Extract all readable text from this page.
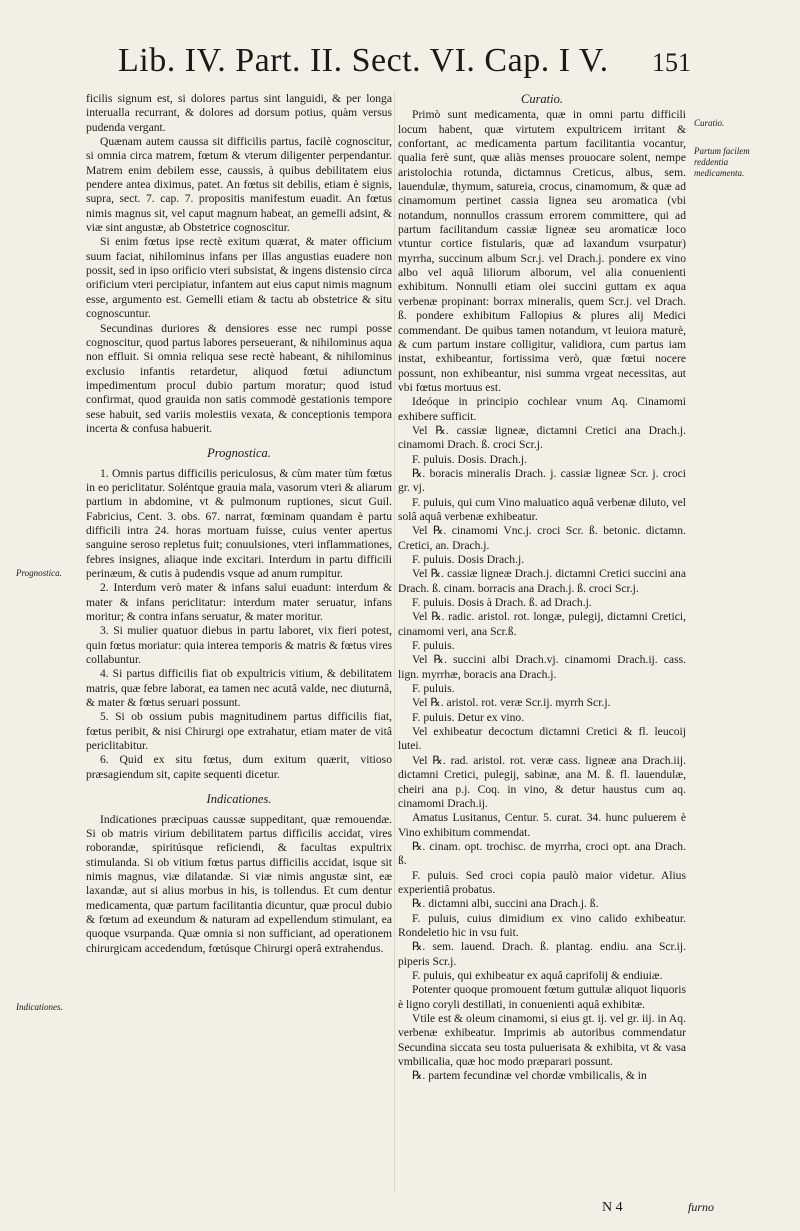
Lib. IV. Part. II. Sect. VI. Cap. I V.	151

ficilis signum est, si dolores partus sint languidi, & per longa interualla recurrant, & dolores ad dorsum potius, quàm versus pudenda vergant.

Quænam autem caussa sit difficilis partus, facilè cognoscitur, si omnia circa matrem, fœtum & vterum diligenter perpendantur. Matrem enim debilem esse, caussis, à quibus debilitatem eius pendere antea diximus, patet. An fœtus sit debilis, etiam è signis, supra, sect. 7. cap. 7. propositis manifestum euadit. An fœtus nimis magnus sit, vel caput magnum habeat, an gemelli adsint, & viæ sint angustæ, ab Obstetrice cognoscitur.

Si enim fœtus ipse rectè exitum quærat, & mater officium suum faciat, nihilominus infans per illas angustias euadere non possit, sed in ipso orificio vteri subsistat, & ingens distensio circa orificium vteri percipiatur, infantem aut eius caput nimis magnum esse, argumento est. Gemelli etiam & tactu ab obstetrice & situ cognoscuntur.

Secundinas duriores & densiores esse nec rumpi posse cognoscitur, quod partus labores perseuerant, & nihilominus aqua non effluit. Si omnia reliqua sese rectè habeant, & nihilominus exclusio infantis retardetur, aliquod fœtui adiunctum impedimentum procul dubio partum moratur; quod istud confirmat, quod grauida non satis commodè gestationis tempore sese habuit, sed variis molestiis vexata, & conceptionis tempora incerta & confusa habuerit.

Prognostica.

1. Omnis partus difficilis periculosus, & cùm mater tùm fœtus in eo periclitatur. Soléntque grauia mala, vasorum vteri & aliarum partium in abdomine, vt & pulmonum ruptiones, sicut Guil. Fabricius, Cent. 3. obs. 67. narrat, fœminam quandam è partu difficili intra 24. horas mortuam fuisse, cuius venter apertus sanguine seroso repletus fuit; conuulsiones, vteri inflammationes, febres insignes, aliaque inde excitari. Interdum in partu difficili perinæum, & cutis à pudendis vsque ad anum rumpitur.

2. Interdum verò mater & infans salui euadunt: interdum & mater & infans periclitatur: interdum mater seruatur, infans moritur; & contra infans seruatur, & mater moritur.

3. Si mulier quatuor diebus in partu laboret, vix fieri potest, quin fœtus moriatur: quia interea temporis & matris & fœtus vires collabuntur.

4. Si partus difficilis fiat ob expultricis vitium, & debilitatem matris, quæ febre laborat, ea tamen nec acutâ valde, nec diuturnâ, & mater & fœtus seruari possunt.

5. Si ob ossium pubis magnitudinem partus difficilis fiat, fœtus peribit, & nisi Chirurgi ope extrahatur, etiam mater de vitâ periclitabitur.

6. Quid ex situ fœtus, dum exitum quærit, vitioso præsagiendum sit, capite sequenti dicetur.

Indicationes.

Indicationes præcipuas caussæ suppeditant, quæ remouendæ. Si ob matris virium debilitatem partus difficilis accidat, vires roborandæ, spiritúsque reficiendi, & facultas expultrix stimulanda. Si ob vitium fœtus partus difficilis accidat, isque sit nimis magnus, viæ dilatandæ. Si viæ nimis angustæ sint, eæ laxandæ, aut si alius morbus in his, is tollendus. Et cum dentur medicamenta, quæ partum facilitantia dicuntur, quæ procul dubio & fœtum ad exeundum & naturam ad expellendum stimulant, ea quoque vsurpanda. Quæ omnia si non sufficiant, ad operationem chirurgicam accedendum, fœtúsque Chirurgi operâ extrahendus.

Curatio.

Primò sunt medicamenta, quæ in omni partu difficili locum habent, quæ virtutem expultricem irritant & confortant, ac medicamenta partum facilitantia vocantur, qualia ferè sunt, quæ aliàs menses prouocare solent, nempe aristolochia rotunda, dictamnus Creticus, albus, sem. lauendulæ, thymum, satureia, crocus, cinamomum, & quæ ad cinamomum pertinet cassia lignea seu aromatica (vbi notandum, nonnullos crassum errorem committere, qui ad partum facilitandum cassiæ ligneæ seu aromaticæ loco vtuntur cortice fistularis, quæ ad laxandum vsurpatur) myrrha, succinum album Scr.j. vel Drach.j. pondere ex vino albo vel aquâ liliorum alborum, vel alia conuenienti exhibitum. Nonnulli etiam olei succini guttam ex aqua verbenæ propinant: borrax mineralis, quem Scr.j. vel Drach. ß. pondere exhibitum Fallopius & plures alij Medici commendant. De quibus tamen notandum, vt leuiora maturè, & cum partum instare colligitur, validiora, cum partus iam instat, exhibeantur, fortissima verò, quæ fœtui nocere possunt, non exhibeantur, nisi summa vrgeat necessitas, aut vbi fœtus mortuus est.

Ideóque in principio cochlear vnum Aq. Cinamomi exhibere sufficit.

Vel ℞. cassiæ ligneæ, dictamni Cretici ana Drach.j. cinamomi Drach. ß. croci Scr.j.

F. puluis. Dosis. Drach.j.

℞. boracis mineralis Drach. j. cassiæ ligneæ Scr. j. croci gr. vj.

F. puluis, qui cum Vino maluatico aquâ verbenæ diluto, vel solâ aquâ verbenæ exhibeatur.

Vel ℞. cinamomi Vnc.j. croci Scr. ß. betonic. dictamn. Cretici, an. Drach.j.

F. puluis. Dosis Drach.j.

Vel ℞. cassiæ ligneæ Drach.j. dictamni Cretici succini ana Drach. ß. cinam. borracis ana Drach.j. ß. croci Scr.j.

F. puluis. Dosis à Drach. ß. ad Drach.j.

Vel ℞. radic. aristol. rot. longæ, pulegij, dictamni Cretici, cinamomi veri, ana Scr.ß.

F. puluis.

Vel ℞. succini albi Drach.vj. cinamomi Drach.ij. cass. lign. myrrhæ, boracis ana Drach.j.

F. puluis.

Vel ℞. aristol. rot. veræ Scr.ij. myrrh Scr.j.

F. puluis. Detur ex vino.

Vel exhibeatur decoctum dictamni Cretici & fl. leucoij lutei.

Vel ℞. rad. aristol. rot. veræ cass. ligneæ ana Drach.iij. dictamni Cretici, pulegij, sabinæ, ana M. ß. fl. lauendulæ, cheiri ana p.j. Coq. in vino, & detur haustus cum aq. cinamomi Drach.ij.

Amatus Lusitanus, Centur. 5. curat. 34. hunc puluerem è Vino exhibitum commendat.

℞. cinam. opt. trochisc. de myrrha, croci opt. ana Drach. ß.

F. puluis. Sed croci copia paulò maior videtur. Alius experientiâ probatus.

℞. dictamni albi, succini ana Drach.j. ß.

F. puluis, cuius dimidium ex vino calido exhibeatur. Rondeletio hic in vsu fuit.

℞. sem. lauend. Drach. ß. plantag. endiu. ana Scr.ij. piperis Scr.j.

F. puluis, qui exhibeatur ex aquâ caprifolij & endiuiæ.

Potenter quoque promouent fœtum guttulæ aliquot liquoris è ligno coryli destillati, in conuenienti aquâ exhibitæ.

Vtile est & oleum cinamomi, si eius gt. ij. vel gr. iij. in Aq. verbenæ exhibeatur. Imprimis ab autoribus commendatur Secundina siccata seu tosta puluerisata & exhibita, vt & vasa vmbilicalia, quæ hoc modo præparari possunt.

℞. partem fecundinæ vel chordæ vmbilicalis, & in

Prognostica.
Indicationes.
Curatio.
Partum facilem reddentia medicamenta.
N 4	furno
